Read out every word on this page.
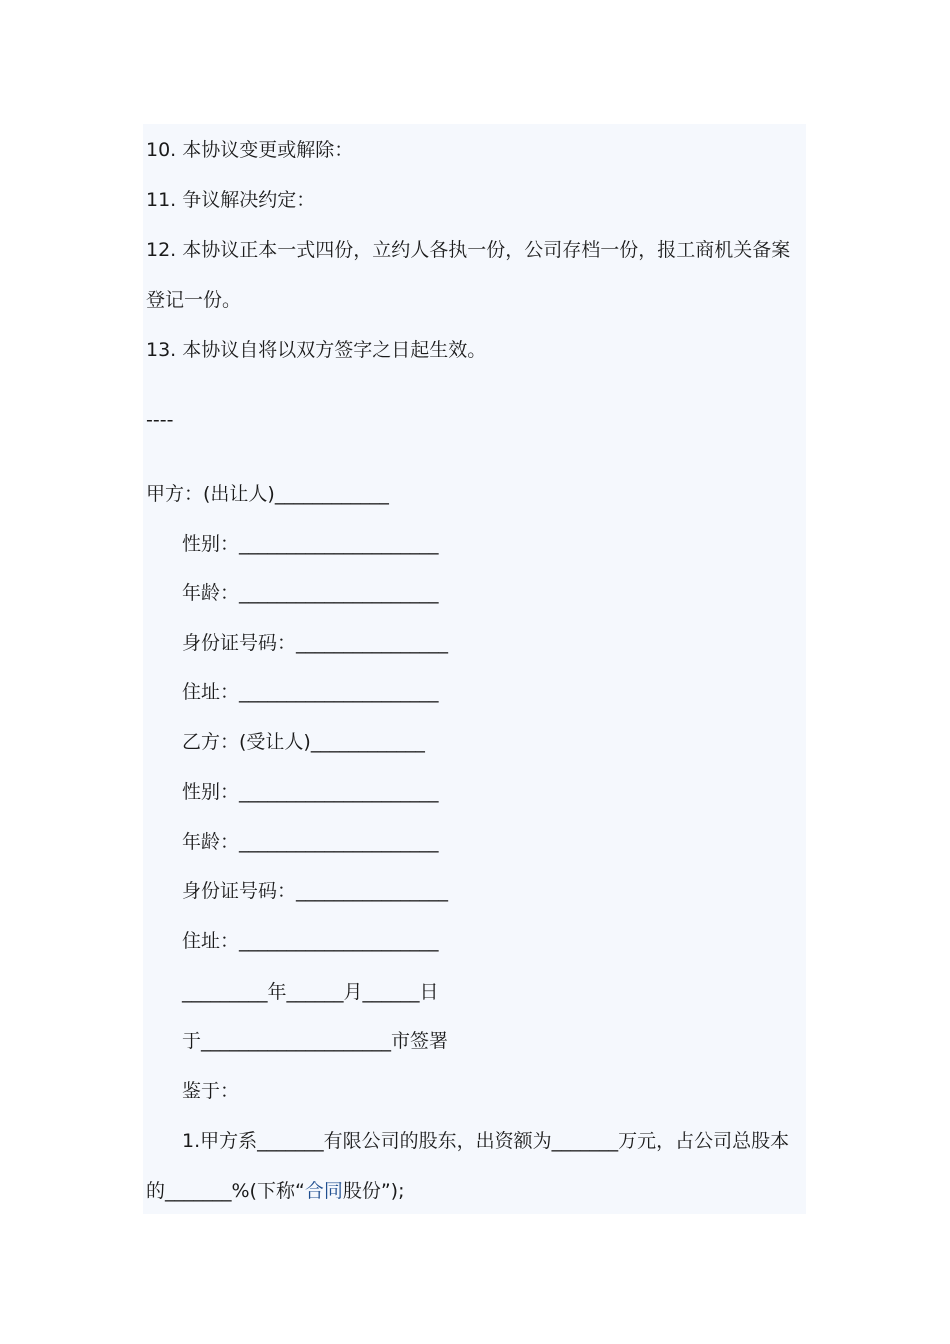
10. 本协议变更或解除：
11. 争议解决约定：
12. 本协议正本一式四份，立约人各执一份，公司存档一份，报工商机关备案
登记一份。
13. 本协议自将以双方签字之日起生效。
----
甲方：(出让人)____________
性别：_____________________
年龄：_____________________
身份证号码：________________
住址：_____________________
乙方：(受让人)____________
性别：_____________________
年龄：_____________________
身份证号码：________________
住址：_____________________
_________年______月______日
于____________________市签署
鉴于：
1.甲方系_______有限公司的股东，出资额为_______万元，占公司总股本
的_______%(下称“合同股份”);
